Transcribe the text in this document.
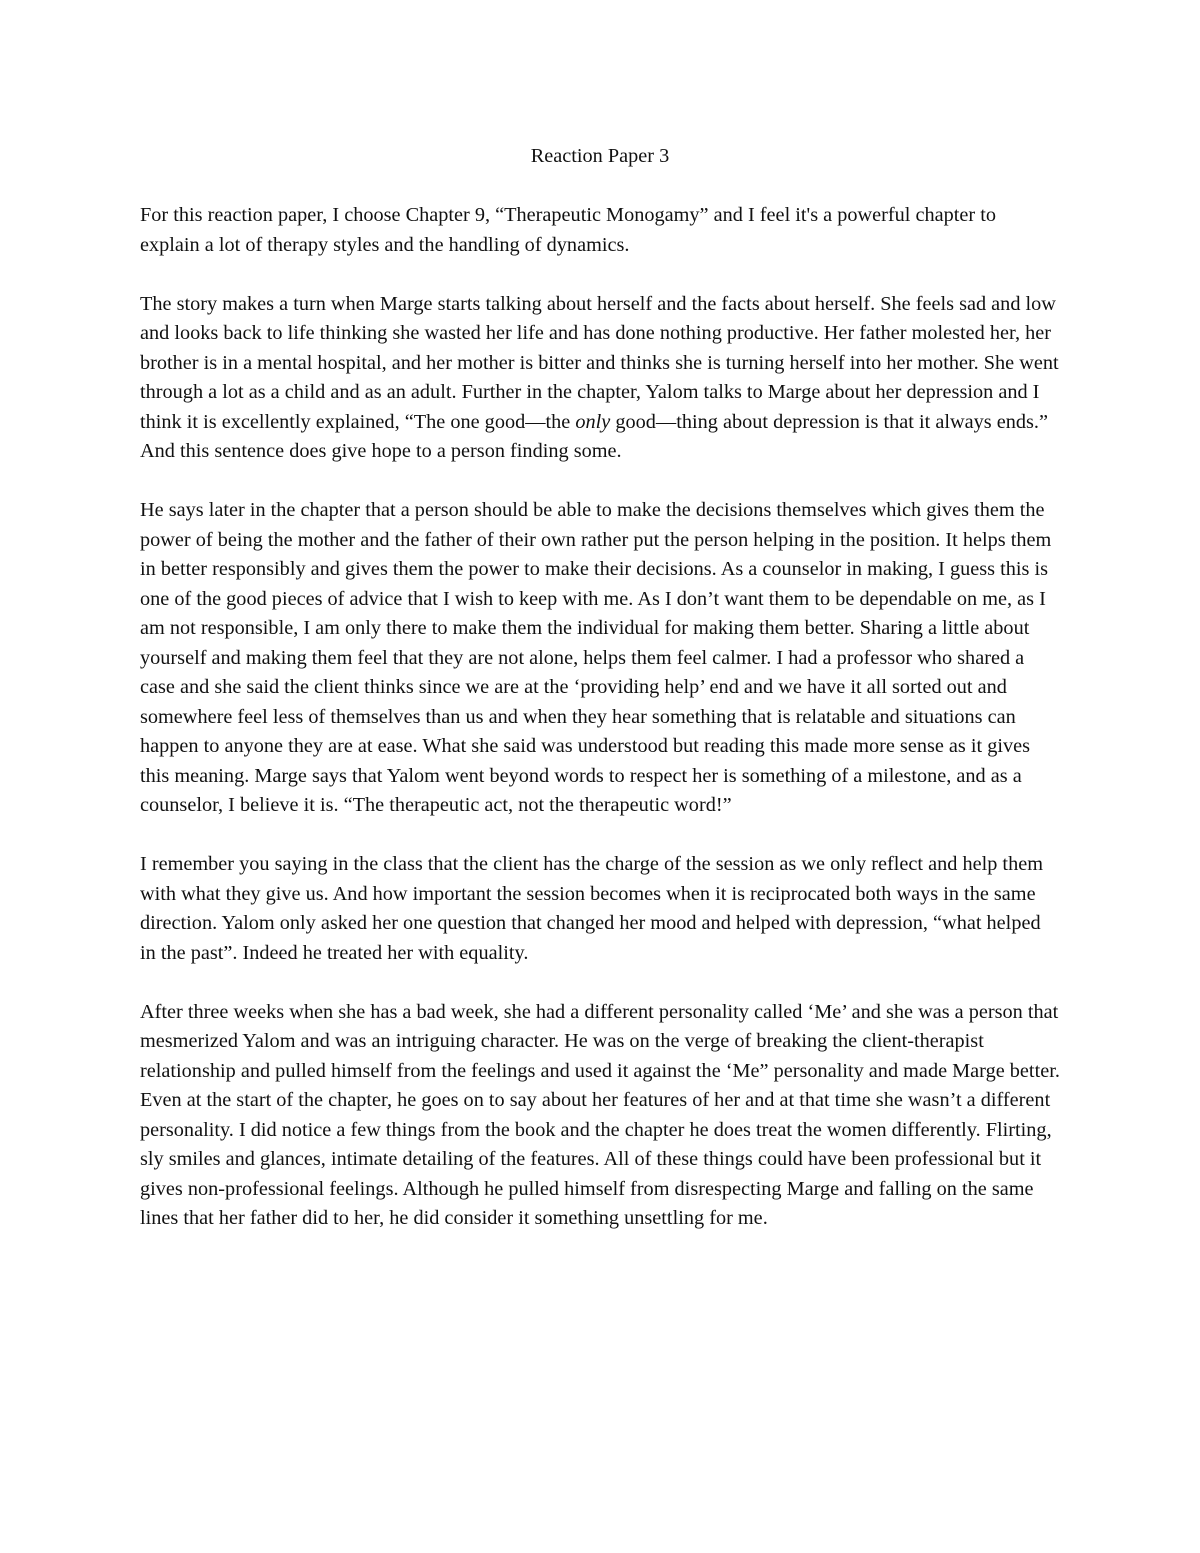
Reaction Paper 3

For this reaction paper, I choose Chapter 9, “Therapeutic Monogamy” and I feel it's a powerful chapter to explain a lot of therapy styles and the handling of dynamics.

The story makes a turn when Marge starts talking about herself and the facts about herself. She feels sad and low and looks back to life thinking she wasted her life and has done nothing productive. Her father molested her, her brother is in a mental hospital, and her mother is bitter and thinks she is turning herself into her mother. She went through a lot as a child and as an adult. Further in the chapter, Yalom talks to Marge about her depression and I think it is excellently explained, “The one good—the only good—thing about depression is that it always ends.” And this sentence does give hope to a person finding some.

He says later in the chapter that a person should be able to make the decisions themselves which gives them the power of being the mother and the father of their own rather put the person helping in the position. It helps them in better responsibly and gives them the power to make their decisions. As a counselor in making, I guess this is one of the good pieces of advice that I wish to keep with me. As I don’t want them to be dependable on me, as I am not responsible, I am only there to make them the individual for making them better. Sharing a little about yourself and making them feel that they are not alone, helps them feel calmer. I had a professor who shared a case and she said the client thinks since we are at the ‘providing help’ end and we have it all sorted out and somewhere feel less of themselves than us and when they hear something that is relatable and situations can happen to anyone they are at ease. What she said was understood but reading this made more sense as it gives this meaning. Marge says that Yalom went beyond words to respect her is something of a milestone, and as a counselor, I believe it is. “The therapeutic act, not the therapeutic word!”

I remember you saying in the class that the client has the charge of the session as we only reflect and help them with what they give us. And how important the session becomes when it is reciprocated both ways in the same direction. Yalom only asked her one question that changed her mood and helped with depression, “what helped in the past”. Indeed he treated her with equality.

After three weeks when she has a bad week, she had a different personality called ‘Me’ and she was a person that mesmerized Yalom and was an intriguing character. He was on the verge of breaking the client-therapist relationship and pulled himself from the feelings and used it against the ‘Me” personality and made Marge better. Even at the start of the chapter, he goes on to say about her features of her and at that time she wasn’t a different personality. I did notice a few things from the book and the chapter he does treat the women differently. Flirting, sly smiles and glances, intimate detailing of the features. All of these things could have been professional but it gives non-professional feelings. Although he pulled himself from disrespecting Marge and falling on the same lines that her father did to her, he did consider it something unsettling for me.
